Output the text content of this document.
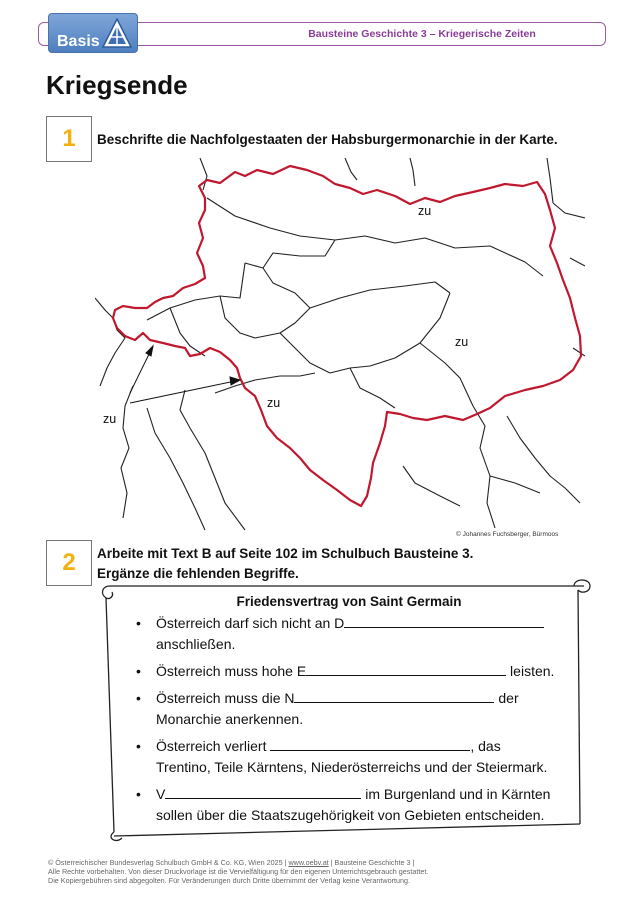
Bausteine Geschichte 3 – Kriegerische Zeiten
Basis
Kriegsende
1	Beschrifte die Nachfolgestaaten der Habsburgermonarchie in der Karte.
zu
zu
zu
zu
© Johannes Fuchsberger, Bürmoos
2	Arbeite mit Text B auf Seite 102 im Schulbuch Bausteine 3.
Ergänze die fehlenden Begriffe.
Friedensvertrag von Saint Germain
• Österreich darf sich nicht an D
anschließen.
• Österreich muss hohe E	leisten.
• Österreich muss die N	der
Monarchie anerkennen.
• Österreich verliert	, das
Trentino, Teile Kärntens, Niederösterreichs und der Steiermark.
• V	im Burgenland und in Kärnten
sollen über die Staatszugehörigkeit von Gebieten entscheiden.
© Österreichischer Bundesverlag Schulbuch GmbH & Co. KG, Wien 2025 | www.oebv.at | Bausteine Geschichte 3 |
Alle Rechte vorbehalten. Von dieser Druckvorlage ist die Vervielfältigung für den eigenen Unterrichtsgebrauch gestattet.
Die Kopiergebühren sind abgegolten. Für Veränderungen durch Dritte übernimmt der Verlag keine Verantwortung.
